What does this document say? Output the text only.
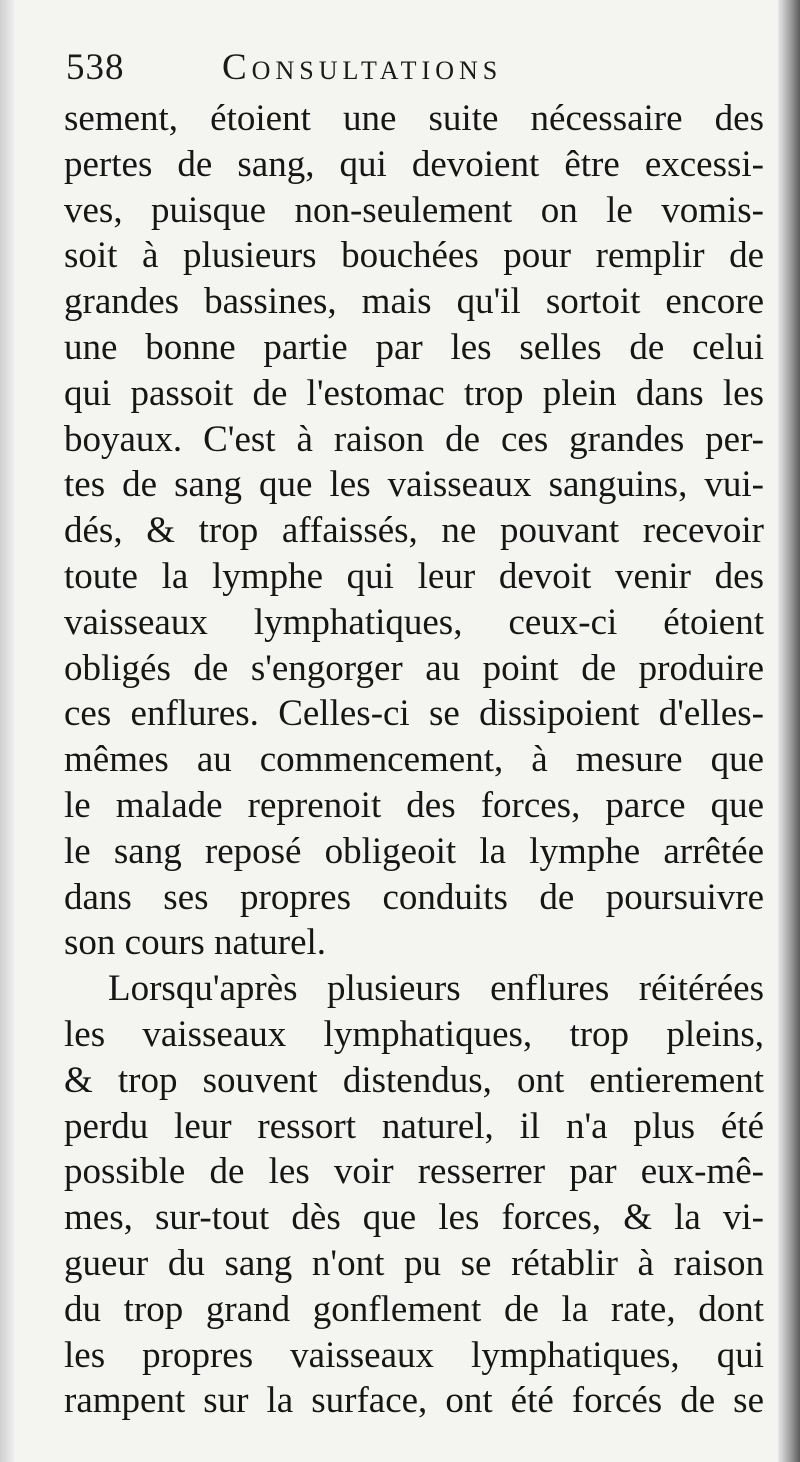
538	Consultations
sement, étoient une suite nécessaire des
pertes de sang, qui devoient être excessi-
ves, puisque non-seulement on le vomis-
soit à plusieurs bouchées pour remplir de
grandes bassines, mais qu'il sortoit encore
une bonne partie par les selles de celui
qui passoit de l'estomac trop plein dans les
boyaux. C'est à raison de ces grandes per-
tes de sang que les vaisseaux sanguins, vui-
dés, & trop affaissés, ne pouvant recevoir
toute la lymphe qui leur devoit venir des
vaisseaux lymphatiques, ceux-ci étoient
obligés de s'engorger au point de produire
ces enflures. Celles-ci se dissipoient d'elles-
mêmes au commencement, à mesure que
le malade reprenoit des forces, parce que
le sang reposé obligeoit la lymphe arrêtée
dans ses propres conduits de poursuivre
son cours naturel.
Lorsqu'après plusieurs enflures réitérées
les vaisseaux lymphatiques, trop pleins,
& trop souvent distendus, ont entierement
perdu leur ressort naturel, il n'a plus été
possible de les voir resserrer par eux-mê-
mes, sur-tout dès que les forces, & la vi-
gueur du sang n'ont pu se rétablir à raison
du trop grand gonflement de la rate, dont
les propres vaisseaux lymphatiques, qui
rampent sur la surface, ont été forcés de se
